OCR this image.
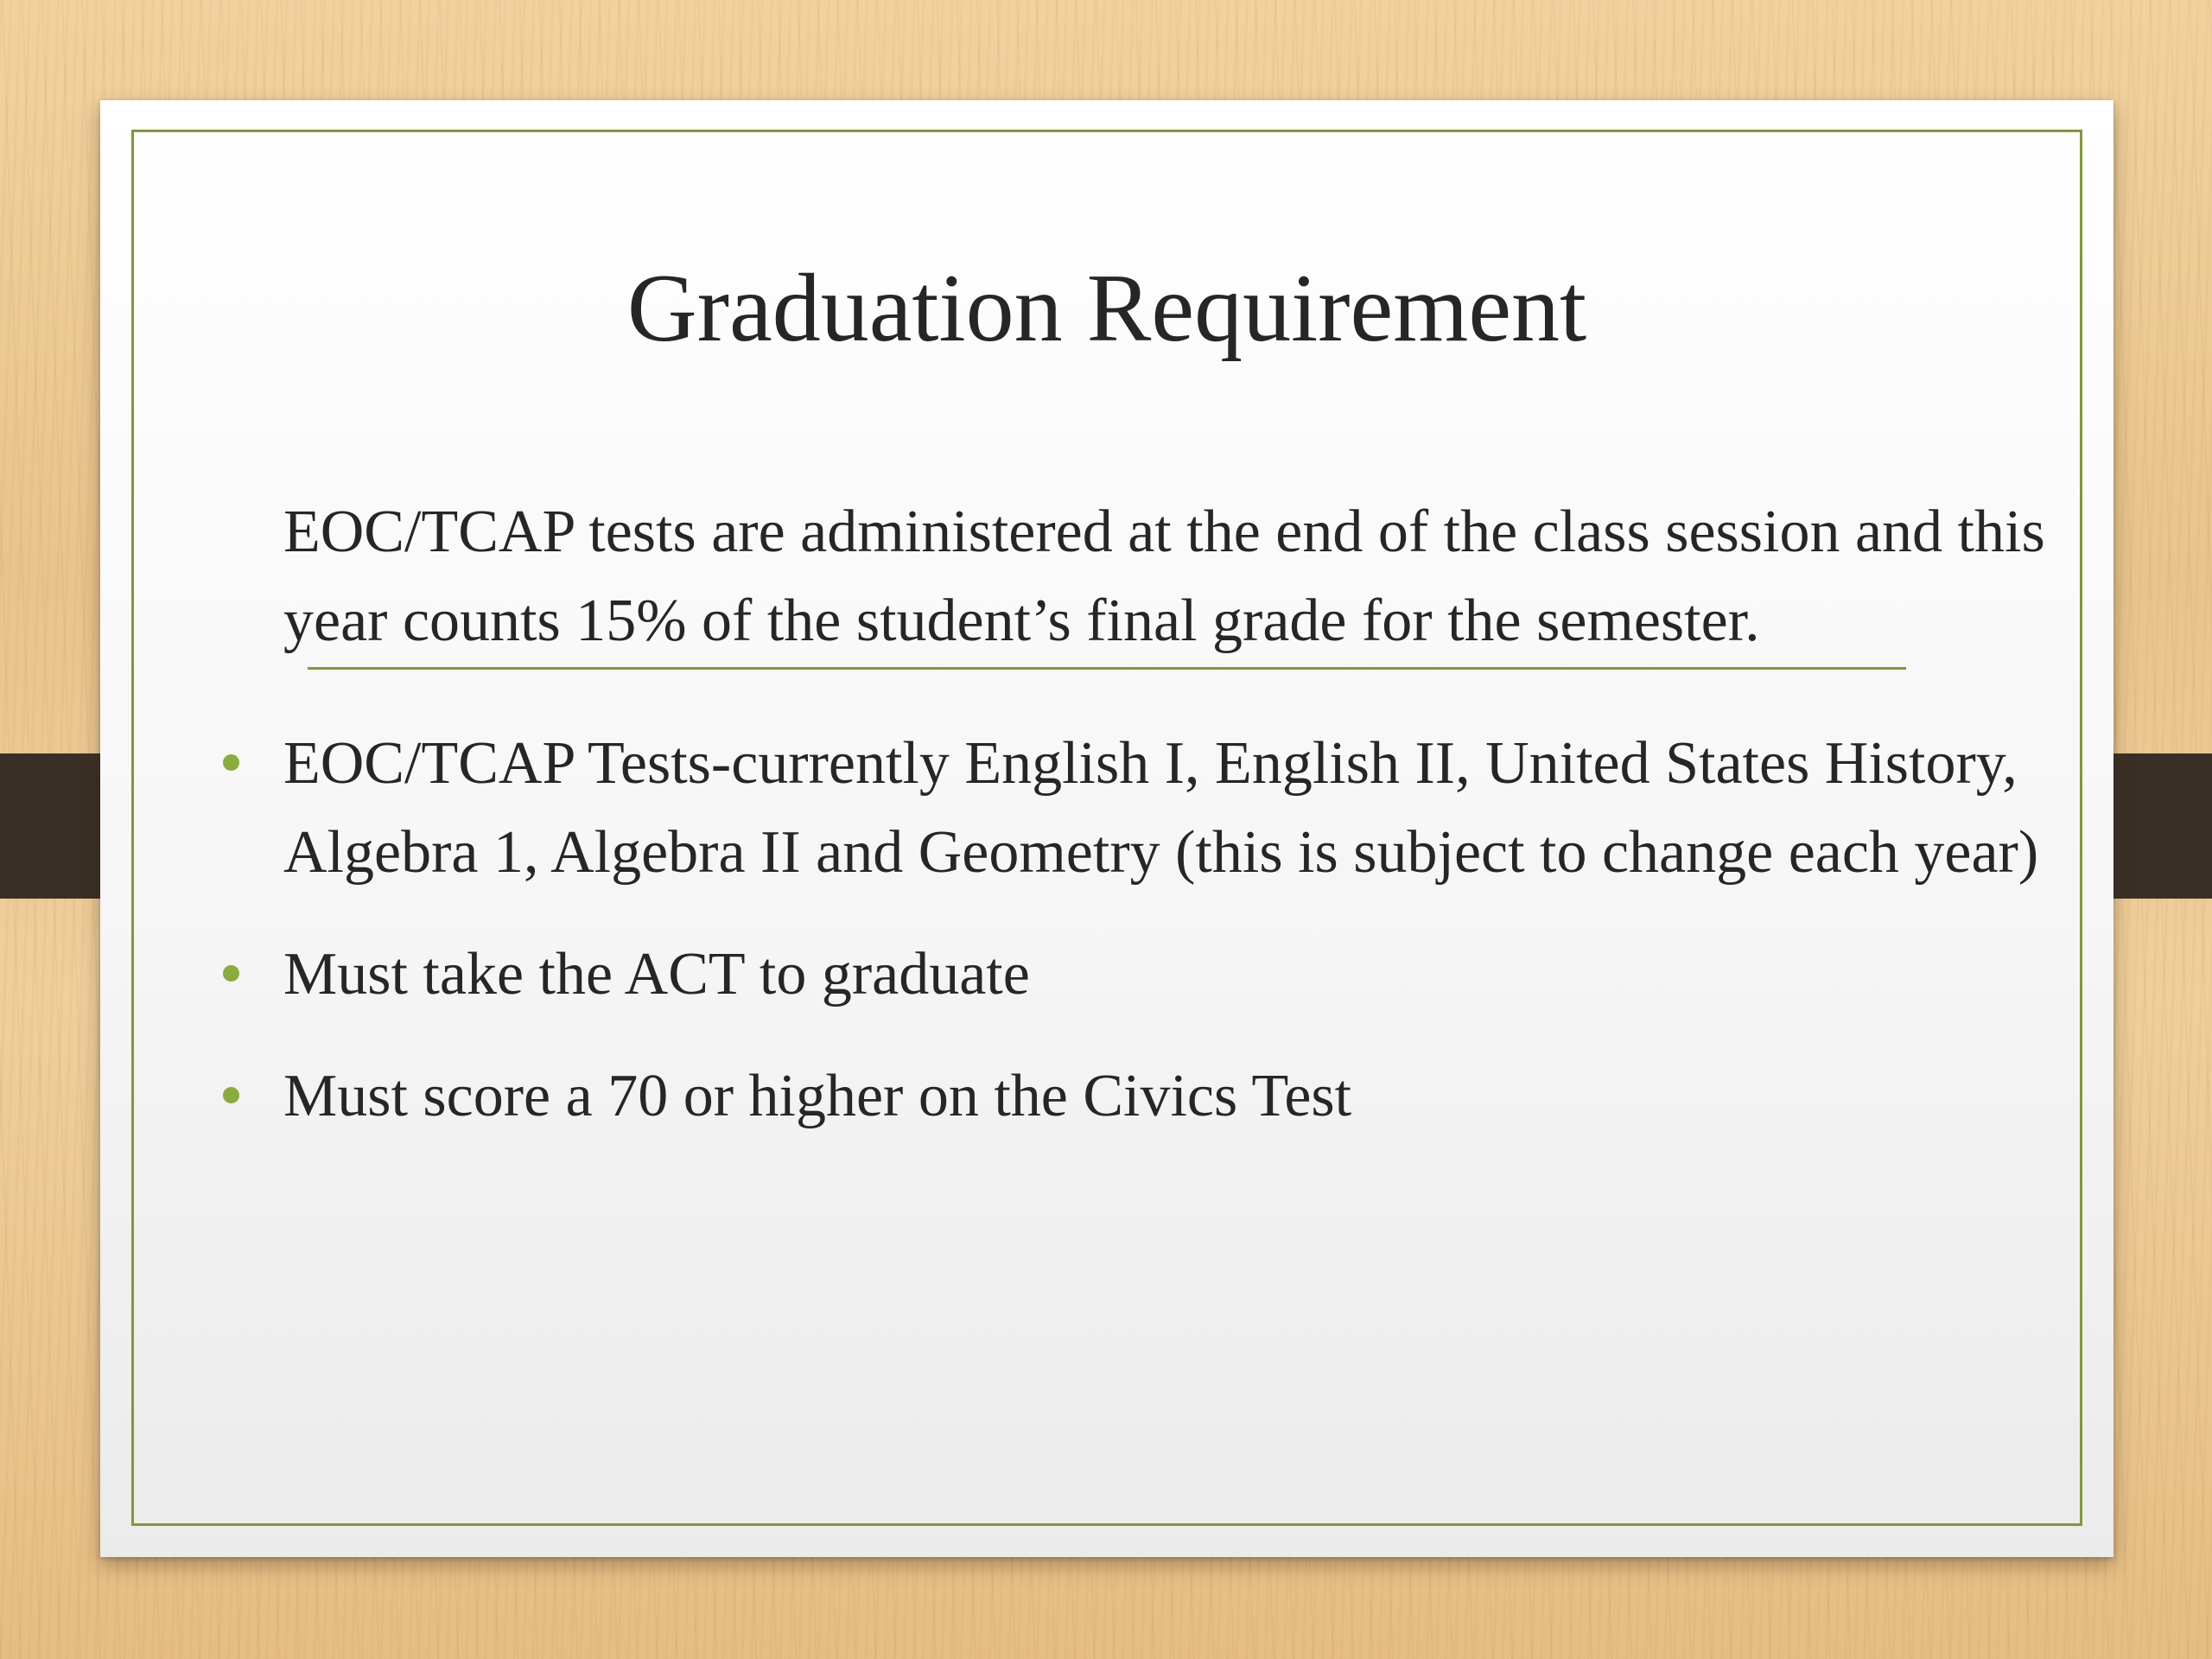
Graduation Requirement

EOC/TCAP tests are administered at the end of the class session and this year counts 15% of the student’s final grade for the semester.

EOC/TCAP Tests-currently English I, English II, United States History, Algebra 1, Algebra II and Geometry (this is subject to change each year)
Must take the ACT to graduate
Must score a 70 or higher on the Civics Test
